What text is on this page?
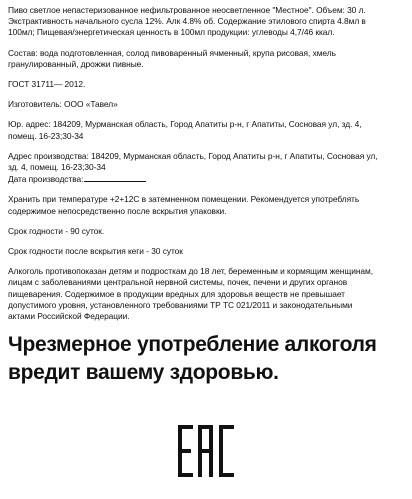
Пиво светлое непастеризованное нефильтрованное неосветленное "Местное". Объем: 30 л.
Экстрактивность начального сусла 12%. Алк 4.8% об. Содержание этилового спирта 4.8мл в
100мл; Пищевая/энергетическая ценность в 100мл продукции: углеводы 4,7/46 ккал.

Состав: вода подготовленная, солод пивоваренный ячменный, крупа рисовая, хмель
гранулированный, дрожжи пивные.

ГОСТ 31711— 2012.

Изготовитель: ООО «Тавел»

Юр. адрес: 184209, Мурманская область, Город Апатиты р-н, г Апатиты, Сосновая ул, зд. 4,
помещ. 16-23;30-34

Адрес производства: 184209, Мурманская область, Город Апатиты р-н, г Апатиты, Сосновая ул,
зд. 4, помещ. 16-23;30-34

Дата производства:

Хранить при температуре +2+12С в затемненном помещении. Рекомендуется употреблять
содержимое непосредственно после вскрытия упаковки.

Срок годности - 90 суток.

Срок годности после вскрытия кеги - 30 суток

Алкоголь противопоказан детям и подросткам до 18 лет, беременным и кормящим женщинам,
лицам с заболеваниями центральной нервной системы, почек, печени и других органов
пищеварения. Содержимое в продукции вредных для здоровья веществ не превышает
допустимого уровня, установленного требованиями ТР ТС 021/2011 и законодательными
актами Российской Федерации.

Чрезмерное употребление алкоголя
вредит вашему здоровью.
